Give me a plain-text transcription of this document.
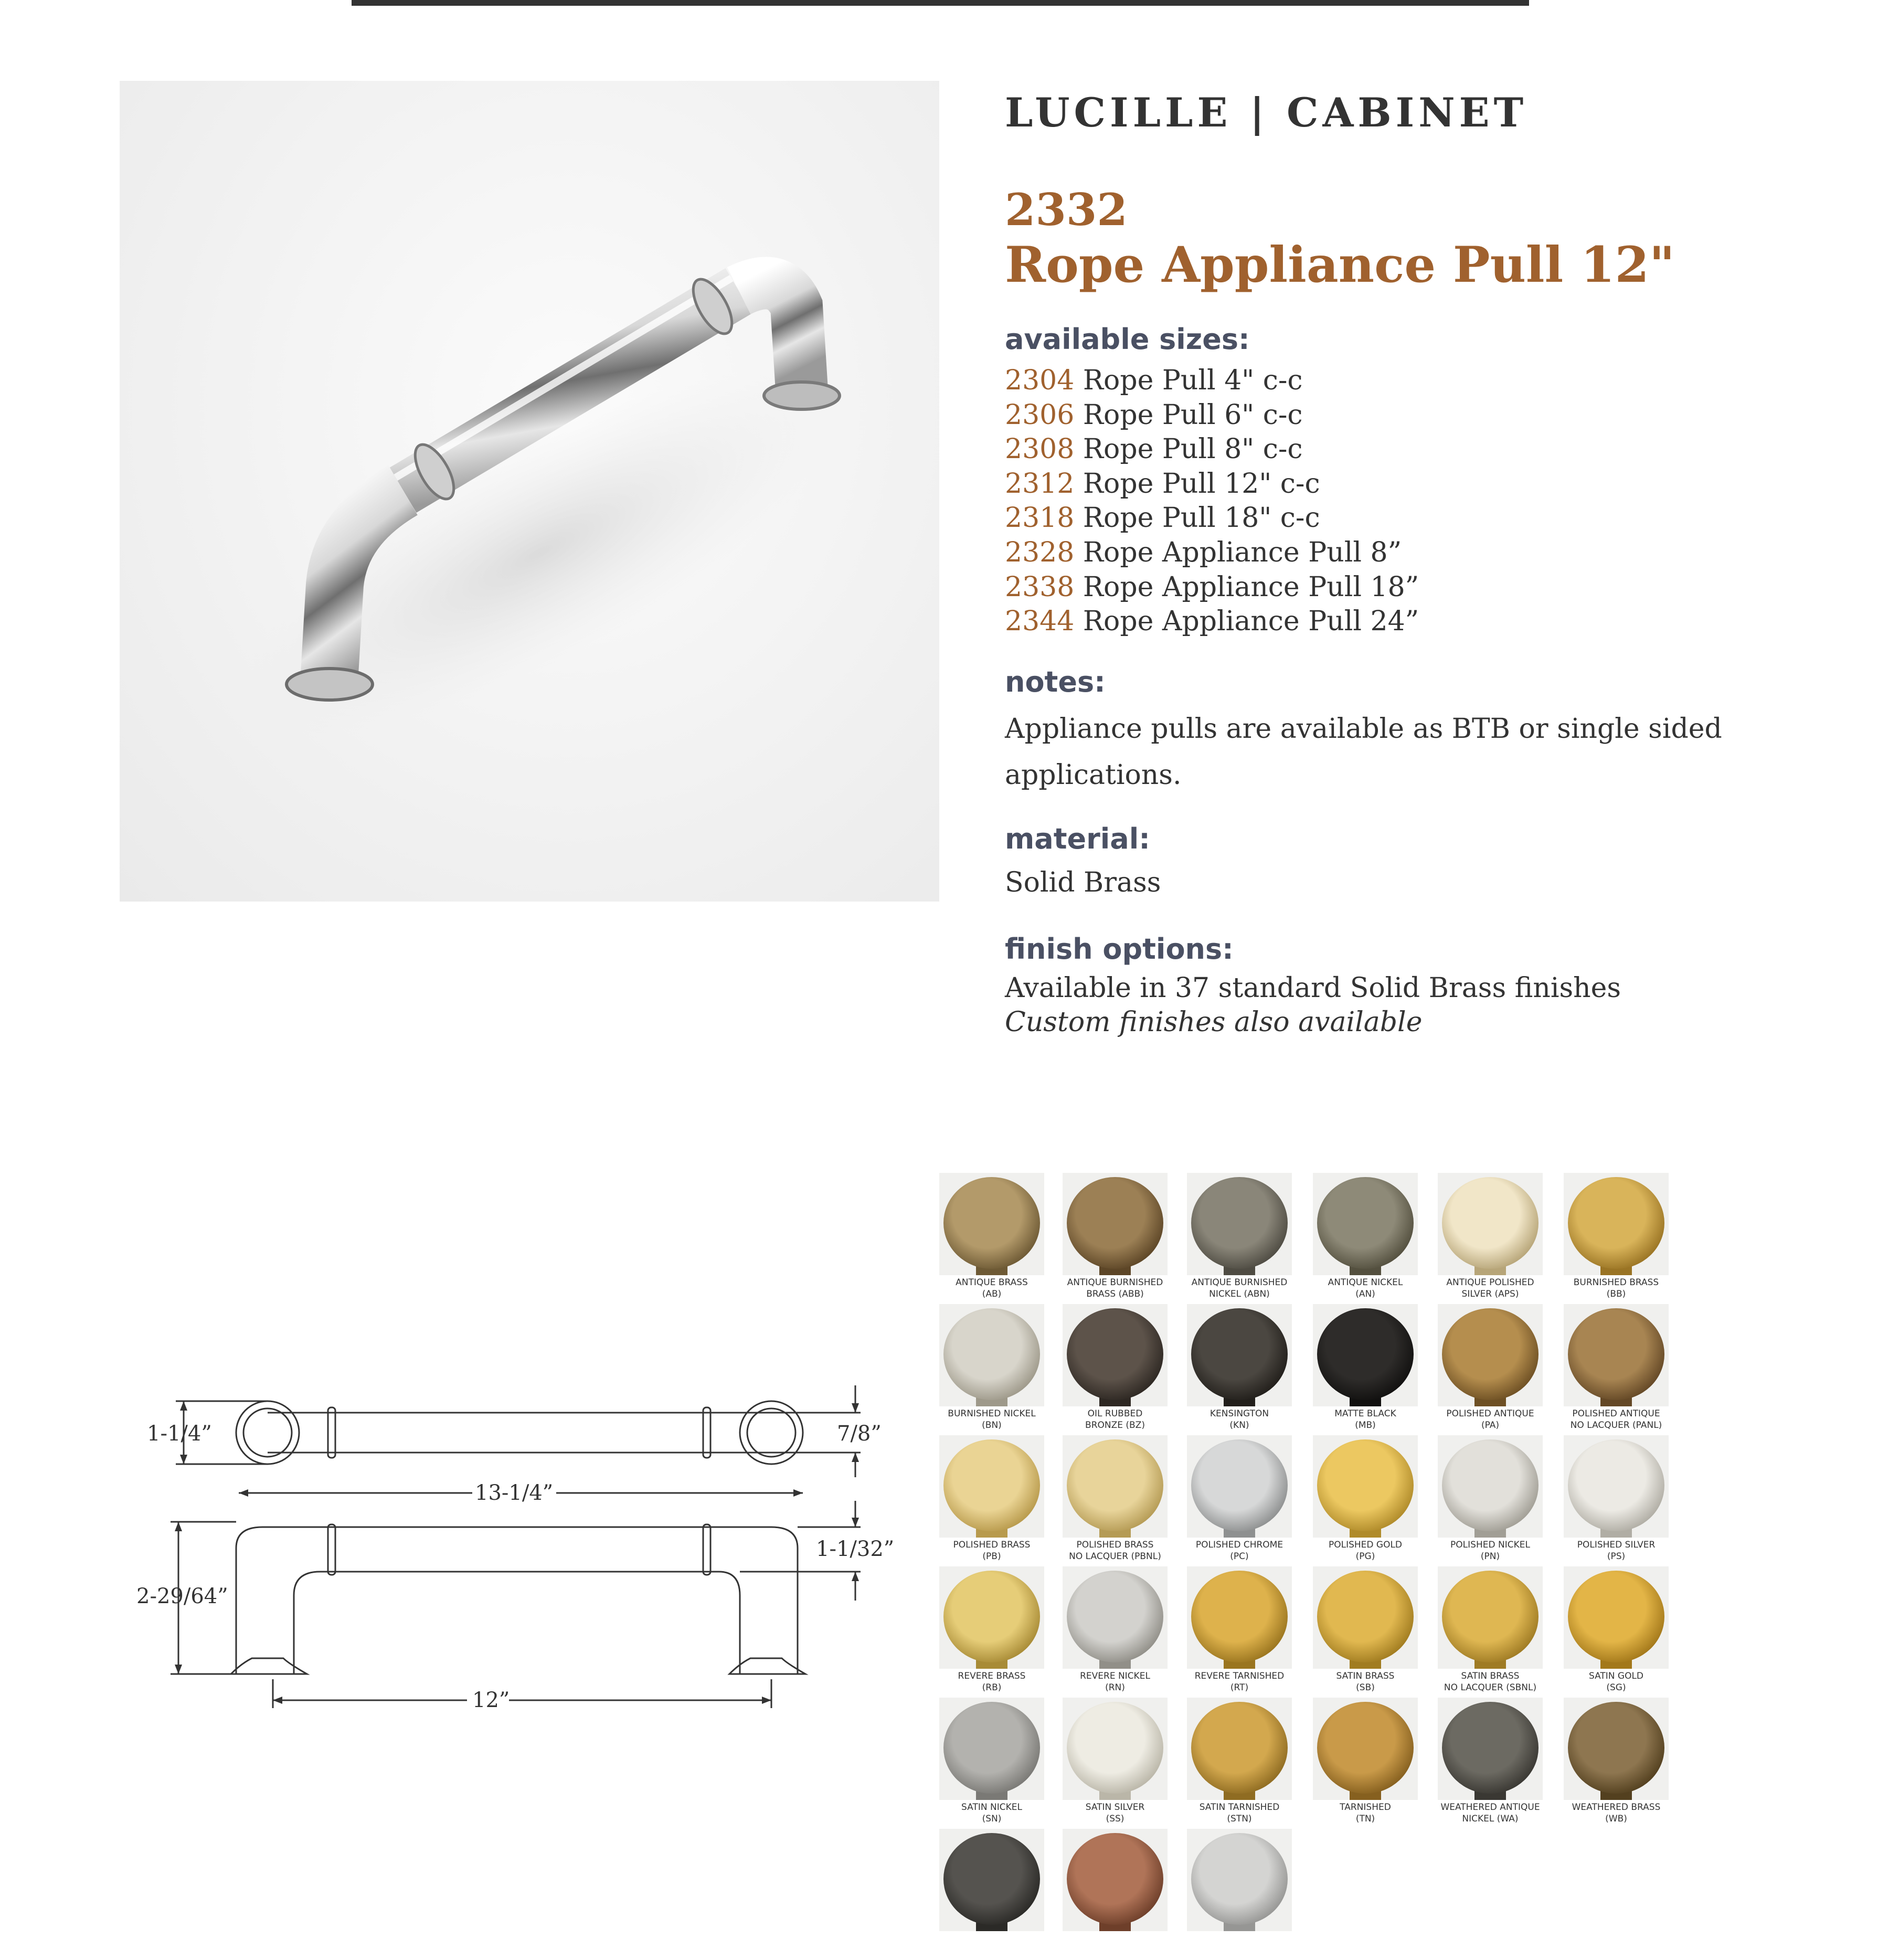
LUCILLE | CABINET
2332
Rope Appliance Pull 12"
available sizes:
2304 Rope Pull 4" c-c
2306 Rope Pull 6" c-c
2308 Rope Pull 8" c-c
2312 Rope Pull 12" c-c
2318 Rope Pull 18" c-c
2328 Rope Appliance Pull 8”
2338 Rope Appliance Pull 18”
2344 Rope Appliance Pull 24”
notes:
Appliance pulls are available as BTB or single sided
applications.
material:
Solid Brass
finish options:
Available in 37 standard Solid Brass finishes
Custom finishes also available
1-1/4”	7/8”
13-1/4”
1-1/32”
2-29/64”
12”
ANTIQUE BRASS
(AB)
ANTIQUE BURNISHED
BRASS (ABB)
ANTIQUE BURNISHED
NICKEL (ABN)
ANTIQUE NICKEL
(AN)
ANTIQUE POLISHED
SILVER (APS)
BURNISHED BRASS
(BB)
BURNISHED NICKEL
(BN)
OIL RUBBED
BRONZE (BZ)
KENSINGTON
(KN)
MATTE BLACK
(MB)
POLISHED ANTIQUE
(PA)
POLISHED ANTIQUE
NO LACQUER (PANL)
POLISHED BRASS
(PB)
POLISHED BRASS
NO LACQUER (PBNL)
POLISHED CHROME
(PC)
POLISHED GOLD
(PG)
POLISHED NICKEL
(PN)
POLISHED SILVER
(PS)
REVERE BRASS
(RB)
REVERE NICKEL
(RN)
REVERE TARNISHED
(RT)
SATIN BRASS
(SB)
SATIN BRASS
NO LACQUER (SBNL)
SATIN GOLD
(SG)
SATIN NICKEL
(SN)
SATIN SILVER
(SS)
SATIN TARNISHED
(STN)
TARNISHED
(TN)
WEATHERED ANTIQUE
NICKEL (WA)
WEATHERED BRASS
(WB)
